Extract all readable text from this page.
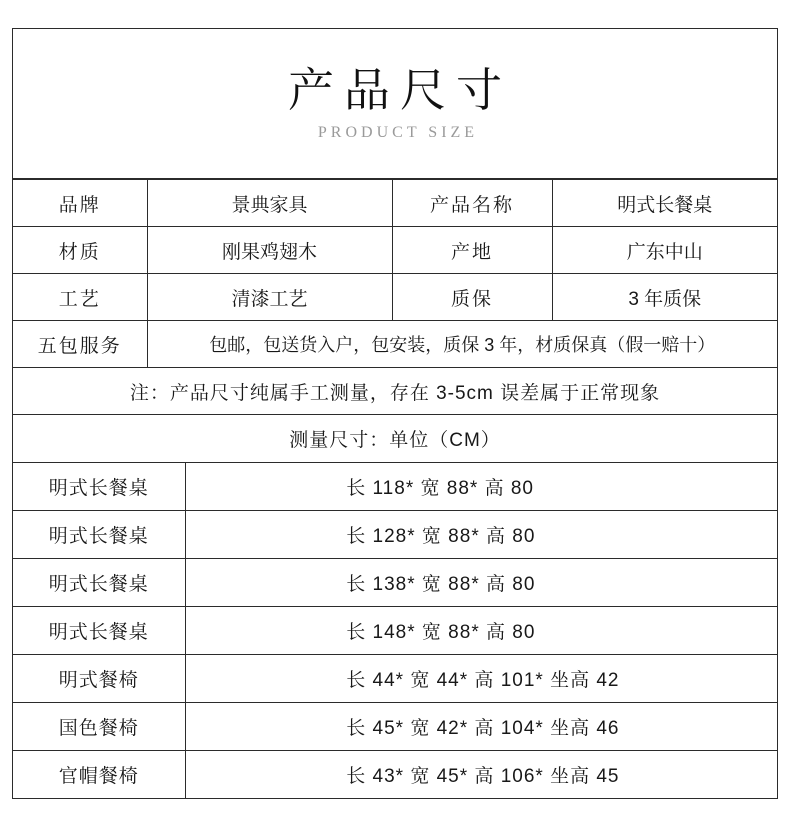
产品尺寸
PRODUCT SIZE
品牌	景典家具	产品名称	明式长餐桌
材质	刚果鸡翅木	产地	广东中山
工艺	清漆工艺	质保	3 年质保
五包服务	包邮，包送货入户，包安装，质保 3 年，材质保真（假一赔十）		
注：产品尺寸纯属手工测量，存在 3-5cm 误差属于正常现象			
测量尺寸：单位（CM）			
明式长餐桌	长 118* 宽 88* 高 80
明式长餐桌	长 128* 宽 88* 高 80
明式长餐桌	长 138* 宽 88* 高 80
明式长餐桌	长 148* 宽 88* 高 80
明式餐椅	长 44* 宽 44* 高 101* 坐高 42
国色餐椅	长 45* 宽 42* 高 104* 坐高 46
官帽餐椅	长 43* 宽 45* 高 106* 坐高 45
